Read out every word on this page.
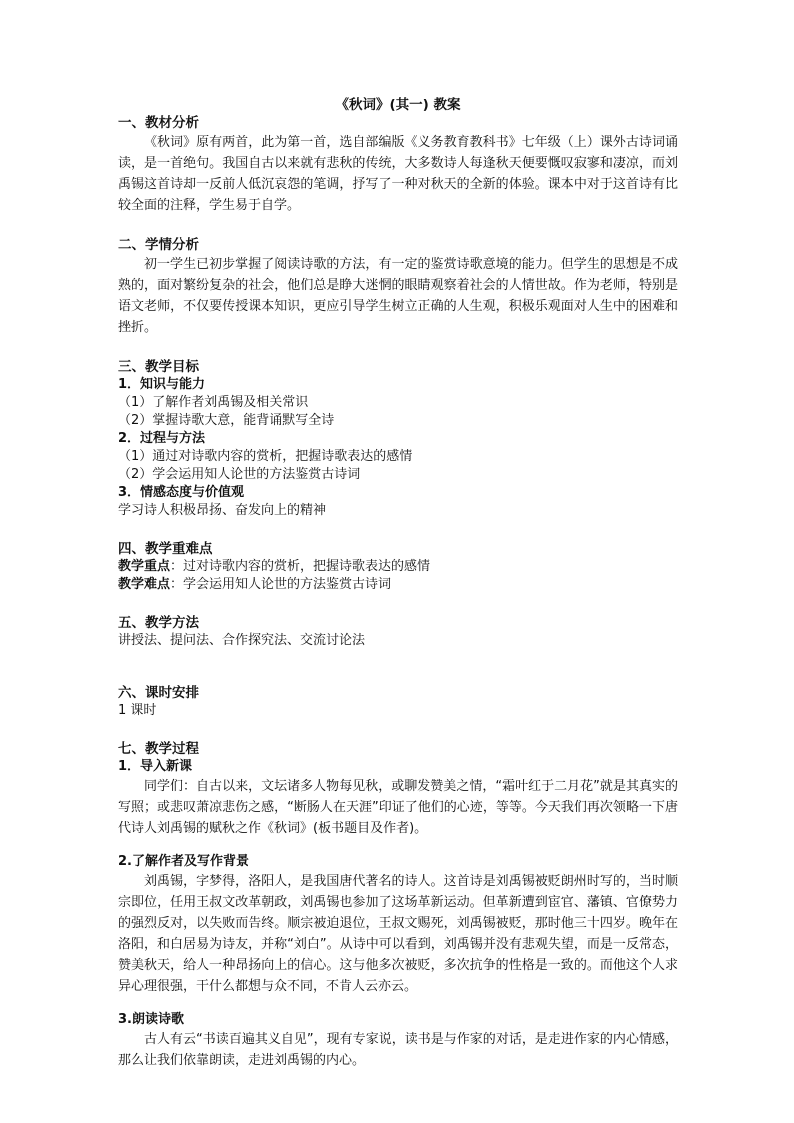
《秋词》(其一) 教案

一、教材分析

《秋词》原有两首，此为第一首，选自部编版《义务教育教科书》七年级（上）课外古诗词诵读，是一首绝句。我国自古以来就有悲秋的传统，大多数诗人每逢秋天便要慨叹寂寥和凄凉，而刘禹锡这首诗却一反前人低沉哀怨的笔调，抒写了一种对秋天的全新的体验。课本中对于这首诗有比较全面的注释，学生易于自学。

二、学情分析

初一学生已初步掌握了阅读诗歌的方法，有一定的鉴赏诗歌意境的能力。但学生的思想是不成熟的，面对繁纷复杂的社会，他们总是睁大迷惘的眼睛观察着社会的人情世故。作为老师，特别是语文老师，不仅要传授课本知识，更应引导学生树立正确的人生观，积极乐观面对人生中的困难和挫折。

三、教学目标

1．知识与能力

（1）了解作者刘禹锡及相关常识

（2）掌握诗歌大意，能背诵默写全诗

2．过程与方法

（1）通过对诗歌内容的赏析，把握诗歌表达的感情

（2）学会运用知人论世的方法鉴赏古诗词

3．情感态度与价值观

学习诗人积极昂扬、奋发向上的精神

四、教学重难点

教学重点：过对诗歌内容的赏析，把握诗歌表达的感情

教学难点：学会运用知人论世的方法鉴赏古诗词

五、教学方法

讲授法、提问法、合作探究法、交流讨论法

六、课时安排

1 课时

七、教学过程

1．导入新课

同学们：自古以来，文坛诸多人物每见秋，或聊发赞美之情，“霜叶红于二月花”就是其真实的写照；或悲叹萧凉悲伤之感，“断肠人在天涯”印证了他们的心迹，等等。今天我们再次领略一下唐代诗人刘禹锡的赋秋之作《秋词》(板书题目及作者)。

2.了解作者及写作背景

刘禹锡，字梦得，洛阳人，是我国唐代著名的诗人。这首诗是刘禹锡被贬朗州时写的，当时顺宗即位，任用王叔文改革朝政，刘禹锡也参加了这场革新运动。但革新遭到宦官、藩镇、官僚势力的强烈反对，以失败而告终。顺宗被迫退位，王叔文赐死，刘禹锡被贬，那时他三十四岁。晚年在洛阳，和白居易为诗友，并称“刘白”。从诗中可以看到，刘禹锡并没有悲观失望，而是一反常态，赞美秋天，给人一种昂扬向上的信心。这与他多次被贬，多次抗争的性格是一致的。而他这个人求异心理很强，干什么都想与众不同，不肯人云亦云。

3.朗读诗歌

古人有云“书读百遍其义自见”，现有专家说，读书是与作家的对话，是走进作家的内心情感，那么让我们依靠朗读，走进刘禹锡的内心。
